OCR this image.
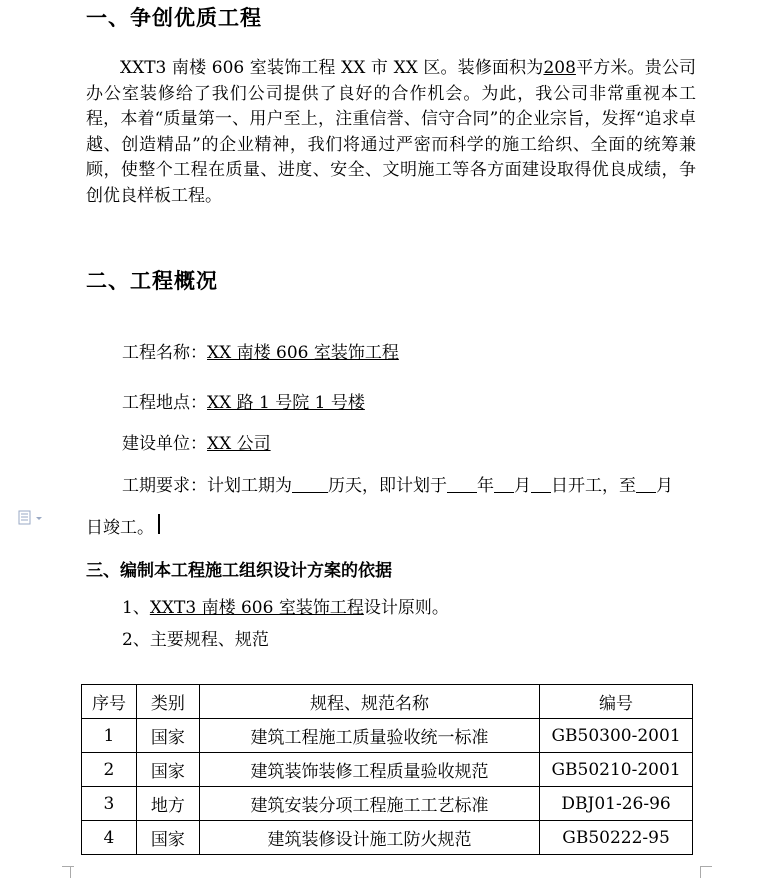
一、争创优质工程
XXT3 南楼 606 室装饰工程 XX 市 XX 区。装修面积为208平方米。贵公司办公室装修给了我们公司提供了良好的合作机会。为此，我公司非常重视本工程，本着“质量第一、用户至上，注重信誉、信守合同”的企业宗旨，发挥“追求卓越、创造精品”的企业精神，我们将通过严密而科学的施工给织、全面的统筹兼顾，使整个工程在质量、进度、安全、文明施工等各方面建设取得优良成绩，争创优良样板工程。
二、工程概况
工程名称：XX 南楼 606 室装饰工程
工程地点：XX 路 1 号院 1 号楼
建设单位：XX 公司
工期要求：计划工期为 历天，即计划于 年 月 日开工，至 月
日竣工。
三、编制本工程施工组织设计方案的依据
1、XXT3 南楼 606 室装饰工程设计原则。
2、主要规程、规范
序号	类别	规程、规范名称	编号
1	国家	建筑工程施工质量验收统一标准	GB50300-2001
2	国家	建筑装饰装修工程质量验收规范	GB50210-2001
3	地方	建筑安装分项工程施工工艺标准	DBJ01-26-96
4	国家	建筑装修设计施工防火规范	GB50222-95
